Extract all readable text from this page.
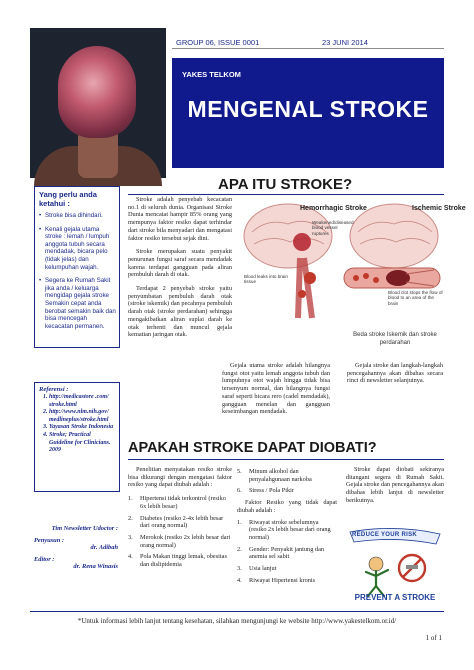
GROUP 06, ISSUE 0001	23 JUNI 2014
YAKES TELKOM
MENGENAL STROKE
Yang perlu anda ketahui :
• Stroke bisa dihindari.
• Kenali gejala utama stroke : lemah / lumpuh anggota tubuh secara mendadak, bicara pelo (tidak jelas) dan kelumpuhan wajah.
• Segera ke Rumah Sakit jika anda / keluarga mengidap gejala stroke Semakin cepat anda berobat semakin baik dan bisa mencegah kecacatan permanen.
Referensi :
1. http://medicastore .com/ stroke.html
2. http://www.nlm.nih.gov/ medlineplus/stroke.html
3. Yayasan Stroke Indonesia
4. Stroke; Practical Guideline for Clinicians. 2009
Tim Newsletter Udoctor :
Penyusun :
dr. Adibah
Editor :
dr. Rena Winasis
APA ITU STROKE?

Stroke adalah penyebab kecacatan no.1 di seluruh dunia. Organisasi Stroke Dunia mencatat hampir 85% orang yang mempunya faktor resiko dapat terhindar dari stroke bila menyadari dan mengatasi faktor resiko tersebut sejak dini.

Stroke merupakan suatu penyakit penurunan fungsi saraf secara mendadak karena terdapat gangguan pada aliran pembuluh darah di otak.

Terdapat 2 penyebab stroke yaitu penyumbatan pembuluh darah otak (stroke iskemik) dan pecahnya pembuluh darah otak (stroke perdarahan) sehingga mengakibatkan aliran suplai darah ke otak terhenti dan muncul gejala kematian jaringan otak.

Hemorrhagic Stroke	Ischemic Stroke
Weakened/diseased blood vessel ruptures
Blood leaks into brain tissue
Blood clot stops the flow of blood to an area of the brain
Beda stroke Iskemik dan stroke perdarahan

Gejala utama stroke adalah hilangnya fungsi otot yaitu lemah anggota tubuh dan lumpuhnya otot wajah hingga tidak bisa tersenyum normal, dan hilangnya fungsi saraf seperti bicara rero (cadel mendadak), gangguan menelan dan gangguan keseimbangan mendadak.

Gejala stroke dan langkah-langkah pencegahannya akan dibahas secara rinci di newsletter selanjutnya.

APAKAH STROKE DAPAT DIOBATI?

Penelitian menyatakan resiko stroke bisa dikurangi dengan mengatasi faktor resiko yang dapat diubah adalah :

1. Hipertensi tidak terkontrol (resiko 6x lebih besar)
2. Diabetes (resiko 2-4x lebih besar dari orang normal)
3. Merokok (resiko 2x lebih besar dari orang normal)
4. Pola Makan tinggi lemak, obesitas dan dislipidemia
5. Minum alkohol dan penyalahgunaan narkoba
6. Stress / Pola Pikir

Faktor Resiko yang tidak dapat diubah adalah :

1. Riwayat stroke sebelumnya (resiko 2x lebih besar dari orang normal)
2. Gender: Penyakit jantung dan anemia sel sabit
3. Usia lanjut
4. Riwayat Hipertensi kronis

Stroke dapat diobati sekiranya ditangani segera di Rumah Sakit. Gejala stroke dan pencegahannya akan dibahas lebih lanjut di newsletter berikutnya.

REDUCE YOUR RISK
PREVENT A STROKE
*Untuk informasi lebih lanjut tentang kesehatan, silahkan mengunjungi ke website http://www.yakestelkom.or.id/
1 of 1
